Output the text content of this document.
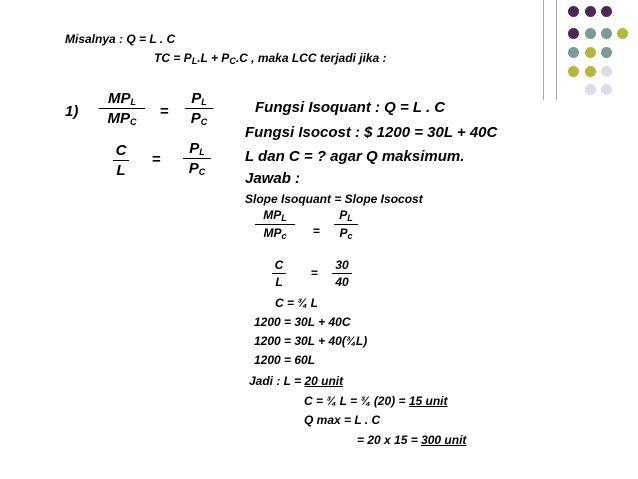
Misalnya : Q = L . C
TC = $P_L.L + P_C.C$ , maka LCC terjadi jika :
1)
$MP_L$
$MP_C$
=
$P_L$
$P_C$
C
L
=
$P_L$
$P_C$
Fungsi Isoquant : Q = L . C
Fungsi Isocost : $ 1200 = 30L + 40C
L dan C = ? agar Q maksimum.
Jawab :
Slope Isoquant = Slope Isocost
$MP_L$
$MP_c$	=
$P_L$
$P_c$
C
L
=
30
40
C = ¾ L
1200 = 30L + 40C
1200 = 30L + 40(¾L)
1200 = 60L
Jadi : L = 20 unit
C = ¾ L = ¾ (20) = 15 unit
Q max = L . C
= 20 x 15 = 300 unit
